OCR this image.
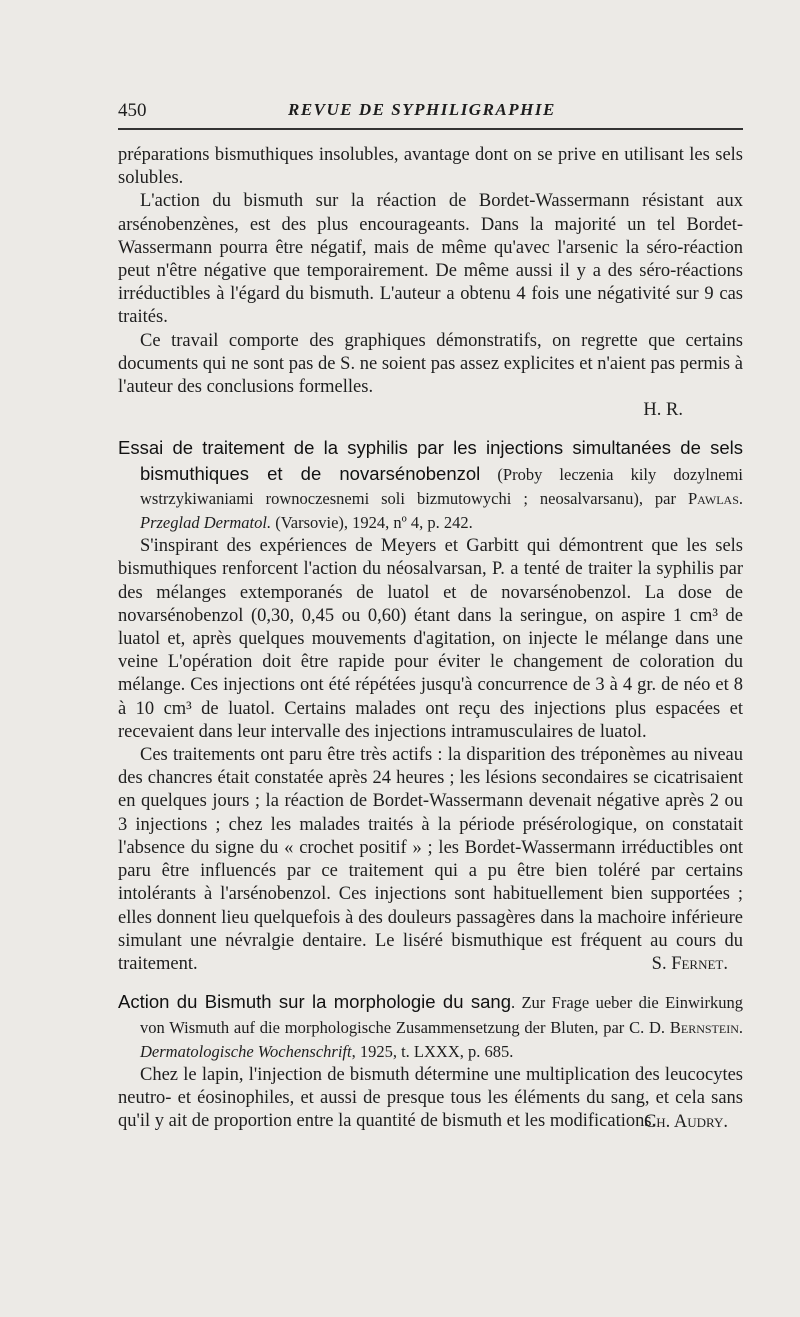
450	REVUE DE SYPHILIGRAPHIE

préparations bismuthiques insolubles, avantage dont on se prive en utilisant les sels solubles.

L'action du bismuth sur la réaction de Bordet-Wassermann résistant aux arsénobenzènes, est des plus encourageants. Dans la majorité un tel Bordet-Wassermann pourra être négatif, mais de même qu'avec l'arsenic la séro-réaction peut n'être négative que temporairement. De même aussi il y a des séro-réactions irréductibles à l'égard du bismuth. L'auteur a obtenu 4 fois une négativité sur 9 cas traités.

Ce travail comporte des graphiques démonstratifs, on regrette que certains documents qui ne sont pas de S. ne soient pas assez explicites et n'aient pas permis à l'auteur des conclusions formelles.

H. R.

Essai de traitement de la syphilis par les injections simultanées de sels bismuthiques et de novarsénobenzol (Proby leczenia kily dozylnemi wstrzykiwaniami rownoczesnemi soli bizmutowychi ; neosalvarsanu), par Pawlas. Przeglad Dermatol. (Varsovie), 1924, nº 4, p. 242.

S'inspirant des expériences de Meyers et Garbitt qui démontrent que les sels bismuthiques renforcent l'action du néosalvarsan, P. a tenté de traiter la syphilis par des mélanges extemporanés de luatol et de novarsénobenzol. La dose de novarsénobenzol (0,30, 0,45 ou 0,60) étant dans la seringue, on aspire 1 cm³ de luatol et, après quelques mouvements d'agitation, on injecte le mélange dans une veine L'opération doit être rapide pour éviter le changement de coloration du mélange. Ces injections ont été répétées jusqu'à concurrence de 3 à 4 gr. de néo et 8 à 10 cm³ de luatol. Certains malades ont reçu des injections plus espacées et recevaient dans leur intervalle des injections intramusculaires de luatol.

Ces traitements ont paru être très actifs : la disparition des tréponèmes au niveau des chancres était constatée après 24 heures ; les lésions secondaires se cicatrisaient en quelques jours ; la réaction de Bordet-Wassermann devenait négative après 2 ou 3 injections ; chez les malades traités à la période présérologique, on constatait l'absence du signe du « crochet positif » ; les Bordet-Wassermann irréductibles ont paru être influencés par ce traitement qui a pu être bien toléré par certains intolérants à l'arsénobenzol. Ces injections sont habituellement bien supportées ; elles donnent lieu quelquefois à des douleurs passagères dans la machoire inférieure simulant une névralgie dentaire. Le liséré bismuthique est fréquent au cours du traitement.	S. Fernet.

Action du Bismuth sur la morphologie du sang. Zur Frage ueber die Einwirkung von Wismuth auf die morphologische Zusammensetzung der Bluten, par C. D. Bernstein. Dermatologische Wochenschrift, 1925, t. LXXX, p. 685.

Chez le lapin, l'injection de bismuth détermine une multiplication des leucocytes neutro- et éosinophiles, et aussi de presque tous les éléments du sang, et cela sans qu'il y ait de proportion entre la quantité de bismuth et les modifications.

Ch. Audry.
